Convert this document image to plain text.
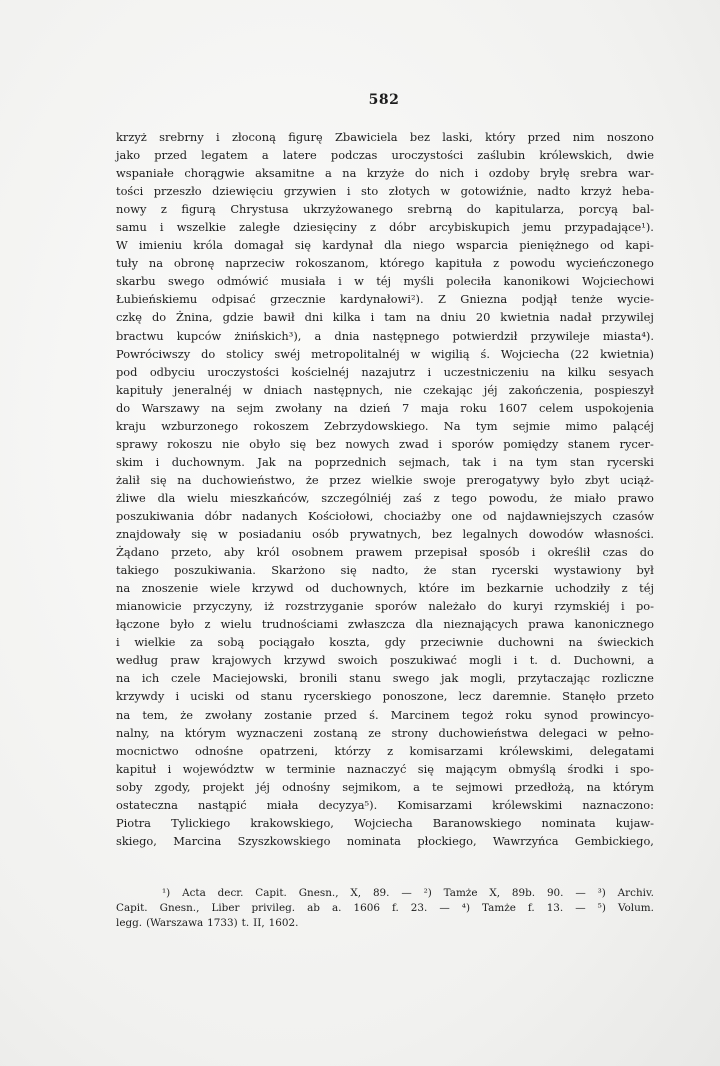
582
krzyż srebrny i złoconą figurę Zbawiciela bez laski, który przed nim noszono
jako przed legatem a latere podczas uroczystości zaślubin królewskich, dwie
wspaniałe chorągwie aksamitne a na krzyże do nich i ozdoby bryłę srebra war-
tości przeszło dziewięciu grzywien i sto złotych w gotowiźnie, nadto krzyż heba-
nowy z figurą Chrystusa ukrzyżowanego srebrną do kapitularza, porcyą bal-
samu i wszelkie zaległe dziesięciny z dóbr arcybiskupich jemu przypadające¹).
W imieniu króla domagał się kardynał dla niego wsparcia pieniężnego od kapi-
tuły na obronę naprzeciw rokoszanom, którego kapituła z powodu wycieńczonego
skarbu swego odmówić musiała i w téj myśli poleciła kanonikowi Wojciechowi
Łubieńskiemu odpisać grzecznie kardynałowi²). Z Gniezna podjął tenże wycie-
czkę do Żnina, gdzie bawił dni kilka i tam na dniu 20 kwietnia nadał przywilej
bractwu kupców żnińskich³), a dnia następnego potwierdził przywileje miasta⁴).
Powróciwszy do stolicy swéj metropolitalnéj w wigilią ś. Wojciecha (22 kwietnia)
pod odbyciu uroczystości kościelnéj nazajutrz i uczestniczeniu na kilku sesyach
kapituły jeneralnéj w dniach następnych, nie czekając jéj zakończenia, pospieszył
do Warszawy na sejm zwołany na dzień 7 maja roku 1607 celem uspokojenia
kraju wzburzonego rokoszem Zebrzydowskiego. Na tym sejmie mimo palącéj
sprawy rokoszu nie obyło się bez nowych zwad i sporów pomiędzy stanem rycer-
skim i duchownym. Jak na poprzednich sejmach, tak i na tym stan rycerski
żalił się na duchowieństwo, że przez wielkie swoje prerogatywy było zbyt uciąż-
żliwe dla wielu mieszkańców, szczególniéj zaś z tego powodu, że miało prawo
poszukiwania dóbr nadanych Kościołowi, chociażby one od najdawniejszych czasów
znajdowały się w posiadaniu osób prywatnych, bez legalnych dowodów własności.
Żądano przeto, aby król osobnem prawem przepisał sposób i określił czas do
takiego poszukiwania. Skarżono się nadto, że stan rycerski wystawiony był
na znoszenie wiele krzywd od duchownych, które im bezkarnie uchodziły z téj
mianowicie przyczyny, iż rozstrzyganie sporów należało do kuryi rzymskiéj i po-
łączone było z wielu trudnościami zwłaszcza dla nieznających prawa kanonicznego
i wielkie za sobą pociągało koszta, gdy przeciwnie duchowni na świeckich
według praw krajowych krzywd swoich poszukiwać mogli i t. d. Duchowni, a
na ich czele Maciejowski, bronili stanu swego jak mogli, przytaczając rozliczne
krzywdy i uciski od stanu rycerskiego ponoszone, lecz daremnie. Stanęło przeto
na tem, że zwołany zostanie przed ś. Marcinem tegoż roku synod prowincyo-
nalny, na którym wyznaczeni zostaną ze strony duchowieństwa delegaci w pełno-
mocnictwo odnośne opatrzeni, którzy z komisarzami królewskimi, delegatami
kapituł i województw w terminie naznaczyć się mającym obmyślą środki i spo-
soby zgody, projekt jéj odnośny sejmikom, a te sejmowi przedłożą, na którym
ostateczna nastąpić miała decyzya⁵). Komisarzami królewskimi naznaczono:
Piotra Tylickiego krakowskiego, Wojciecha Baranowskiego nominata kujaw-
skiego, Marcina Szyszkowskiego nominata płockiego, Wawrzyńca Gembickiego,
¹) Acta decr. Capit. Gnesn., X, 89. — ²) Tamże X, 89b. 90. — ³) Archiv.
Capit. Gnesn., Liber privileg. ab a. 1606 f. 23. — ⁴) Tamże f. 13. — ⁵) Volum.
legg. (Warszawa 1733) t. II, 1602.
